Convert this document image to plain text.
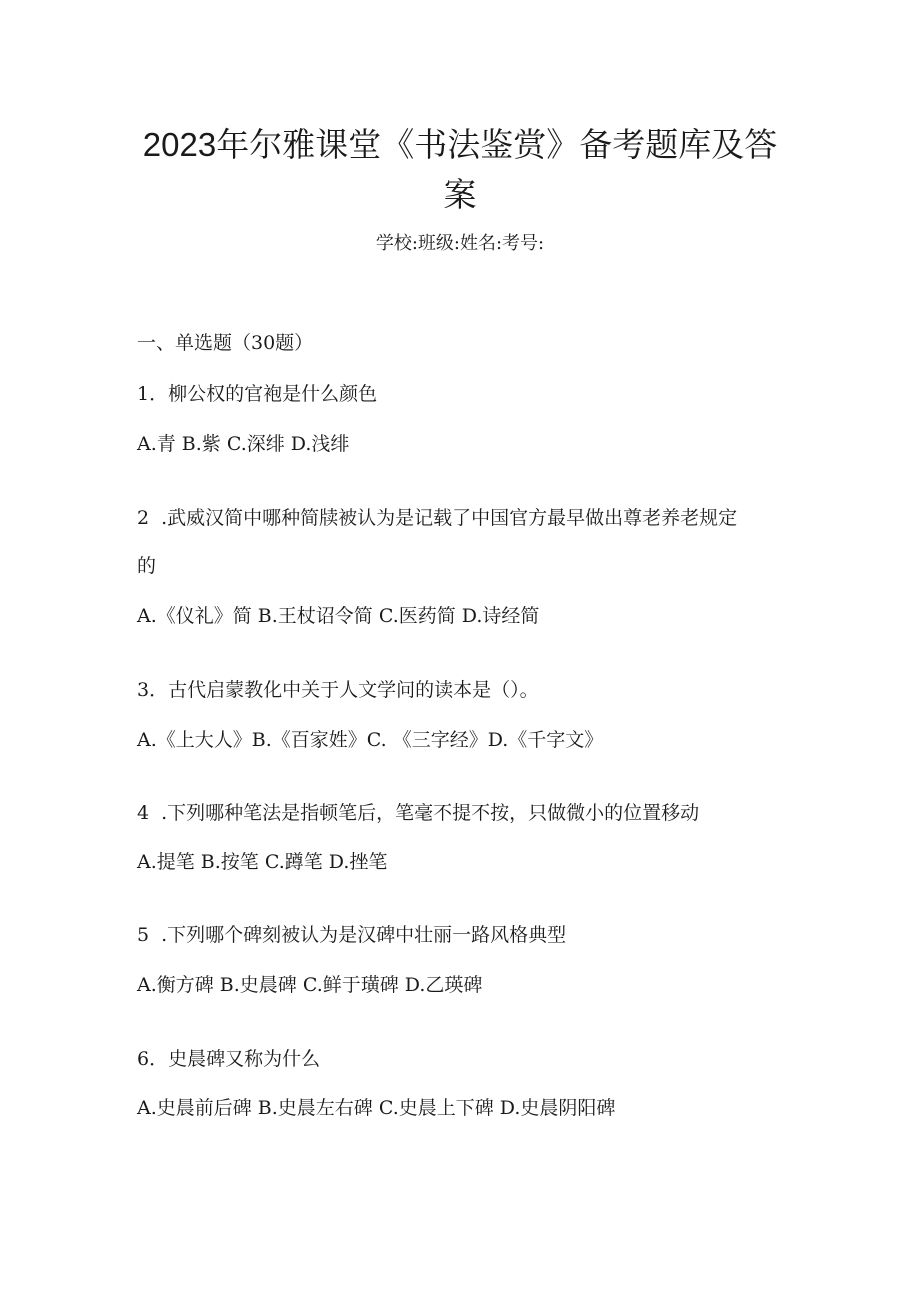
2023年尔雅课堂《书法鉴赏》备考题库及答
案
学校:班级:姓名:考号:
一、单选题（30题）
1．柳公权的官袍是什么颜色
A.青 B.紫 C.深绯 D.浅绯
2 .武威汉简中哪种简牍被认为是记载了中国官方最早做出尊老养老规定
的
A.《仪礼》简 B.王杖诏令简 C.医药简 D.诗经简
3．古代启蒙教化中关于人文学问的读本是（）。
A.《上大人》B.《百家姓》C. 《三字经》D.《千字文》
4 .下列哪种笔法是指顿笔后，笔毫不提不按，只做微小的位置移动
A.提笔 B.按笔 C.蹲笔 D.挫笔
5 .下列哪个碑刻被认为是汉碑中壮丽一路风格典型
A.衡方碑 B.史晨碑 C.鲜于璜碑 D.乙瑛碑
6．史晨碑又称为什么
A.史晨前后碑 B.史晨左右碑 C.史晨上下碑 D.史晨阴阳碑
